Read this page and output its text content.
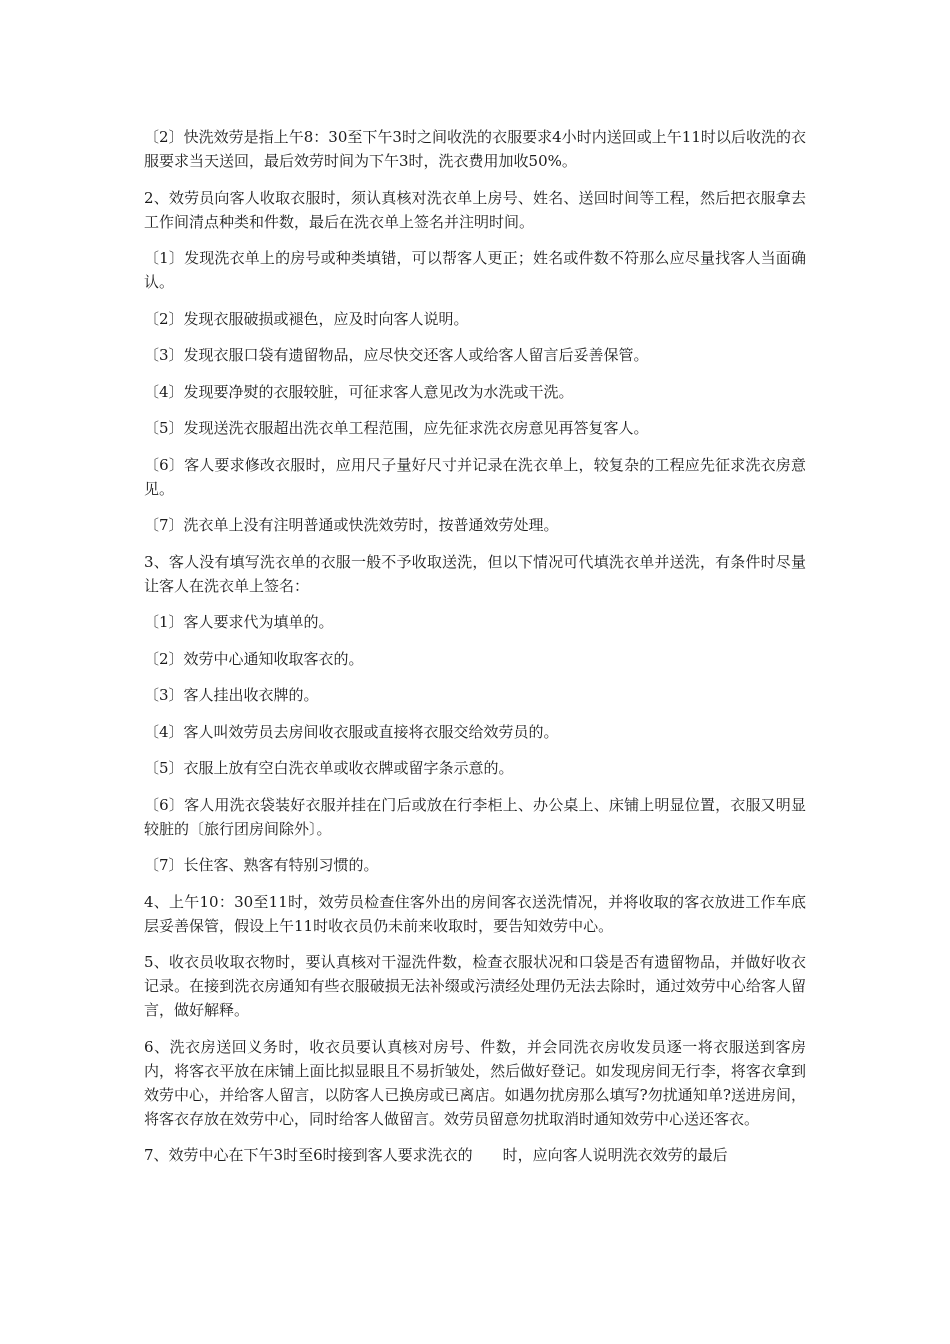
〔2〕快洗效劳是指上午8：30至下午3时之间收洗的衣服要求4小时内送回或上午11时以后收洗的衣服要求当天送回，最后效劳时间为下午3时，洗衣费用加收50%。

2、效劳员向客人收取衣服时，须认真核对洗衣单上房号、姓名、送回时间等工程，然后把衣服拿去工作间清点种类和件数，最后在洗衣单上签名并注明时间。

〔1〕发现洗衣单上的房号或种类填错，可以帮客人更正；姓名或件数不符那么应尽量找客人当面确认。

〔2〕发现衣服破损或褪色，应及时向客人说明。

〔3〕发现衣服口袋有遗留物品，应尽快交还客人或给客人留言后妥善保管。

〔4〕发现要净熨的衣服较脏，可征求客人意见改为水洗或干洗。

〔5〕发现送洗衣服超出洗衣单工程范围，应先征求洗衣房意见再答复客人。

〔6〕客人要求修改衣服时，应用尺子量好尺寸并记录在洗衣单上，较复杂的工程应先征求洗衣房意见。

〔7〕洗衣单上没有注明普通或快洗效劳时，按普通效劳处理。

3、客人没有填写洗衣单的衣服一般不予收取送洗，但以下情况可代填洗衣单并送洗，有条件时尽量让客人在洗衣单上签名：

〔1〕客人要求代为填单的。

〔2〕效劳中心通知收取客衣的。

〔3〕客人挂出收衣牌的。

〔4〕客人叫效劳员去房间收衣服或直接将衣服交给效劳员的。

〔5〕衣服上放有空白洗衣单或收衣牌或留字条示意的。

〔6〕客人用洗衣袋装好衣服并挂在门后或放在行李柜上、办公桌上、床铺上明显位置，衣服又明显较脏的〔旅行团房间除外〕。

〔7〕长住客、熟客有特别习惯的。

4、上午10：30至11时，效劳员检查住客外出的房间客衣送洗情况，并将收取的客衣放进工作车底层妥善保管，假设上午11时收衣员仍未前来收取时，要告知效劳中心。

5、收衣员收取衣物时，要认真核对干湿洗件数，检查衣服状况和口袋是否有遗留物品，并做好收衣记录。在接到洗衣房通知有些衣服破损无法补缀或污渍经处理仍无法去除时，通过效劳中心给客人留言，做好解释。

6、洗衣房送回义务时，收衣员要认真核对房号、件数，并会同洗衣房收发员逐一将衣服送到客房内，将客衣平放在床铺上面比拟显眼且不易折皱处，然后做好登记。如发现房间无行李，将客衣拿到效劳中心，并给客人留言，以防客人已换房或已离店。如遇勿扰房那么填写?勿扰通知单?送进房间，将客衣存放在效劳中心，同时给客人做留言。效劳员留意勿扰取消时通知效劳中心送还客衣。

7、效劳中心在下午3时至6时接到客人要求洗衣的　　时，应向客人说明洗衣效劳的最后
